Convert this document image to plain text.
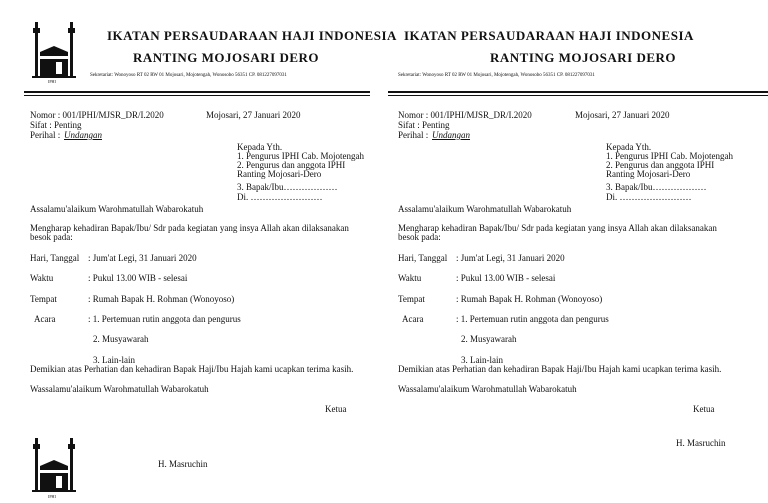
IPHI
IKATAN PERSAUDARAAN HAJI INDONESIA
RANTING MOJOSARI DERO
Sekretariat: Wonoyoso RT 02 RW 01 Mojosari, Mojotengah, Wonosobo 56351 CP. 081227097031
Nomor : 001/IPHI/MJSR_DR/I.2020
Sifat : Penting
Perihal : Undangan
Mojosari, 27 Januari 2020
Kepada Yth.
1. Pengurus IPHI Cab. Mojotengah
2. Pengurus dan anggota IPHI
Ranting Mojosari-Dero
3. Bapak/Ibu………………
Di. ……………………
Assalamu'alaikum Warohmatullah Wabarokatuh
Mengharap kehadiran Bapak/Ibu/ Sdr pada kegiatan yang insya Allah akan dilaksanakan
besok pada:
Hari, Tanggal : Jum'at Legi, 31 Januari 2020
Waktu	: Pukul 13.00 WIB - selesai
Tempat	: Rumah Bapak H. Rohman (Wonoyoso)
Acara	: 1. Pertemuan rutin anggota dan pengurus
2. Musyawarah
3. Lain-lain
Demikian atas Perhatian dan kehadiran Bapak Haji/Ibu Hajah kami ucapkan terima kasih.
Wassalamu'alaikum Warohmatullah Wabarokatuh
Ketua
IPHI
H. Masruchin
IKATAN PERSAUDARAAN HAJI INDONESIA
RANTING MOJOSARI DERO
Sekretariat: Wonoyoso RT 02 RW 01 Mojosari, Mojotengah, Wonosobo 56351 CP. 081227097031
Nomor : 001/IPHI/MJSR_DR/I.2020
Sifat : Penting
Perihal : Undangan
Mojosari, 27 Januari 2020
Kepada Yth.
1. Pengurus IPHI Cab. Mojotengah
2. Pengurus dan anggota IPHI
Ranting Mojosari-Dero
3. Bapak/Ibu………………
Di. ……………………
Assalamu'alaikum Warohmatullah Wabarokatuh
Mengharap kehadiran Bapak/Ibu/ Sdr pada kegiatan yang insya Allah akan dilaksanakan
besok pada:
Hari, Tanggal : Jum'at Legi, 31 Januari 2020
Waktu	: Pukul 13.00 WIB - selesai
Tempat	: Rumah Bapak H. Rohman (Wonoyoso)
Acara	: 1. Pertemuan rutin anggota dan pengurus
2. Musyawarah
3. Lain-lain
Demikian atas Perhatian dan kehadiran Bapak Haji/Ibu Hajah kami ucapkan terima kasih.
Wassalamu'alaikum Warohmatullah Wabarokatuh
Ketua
H. Masruchin
